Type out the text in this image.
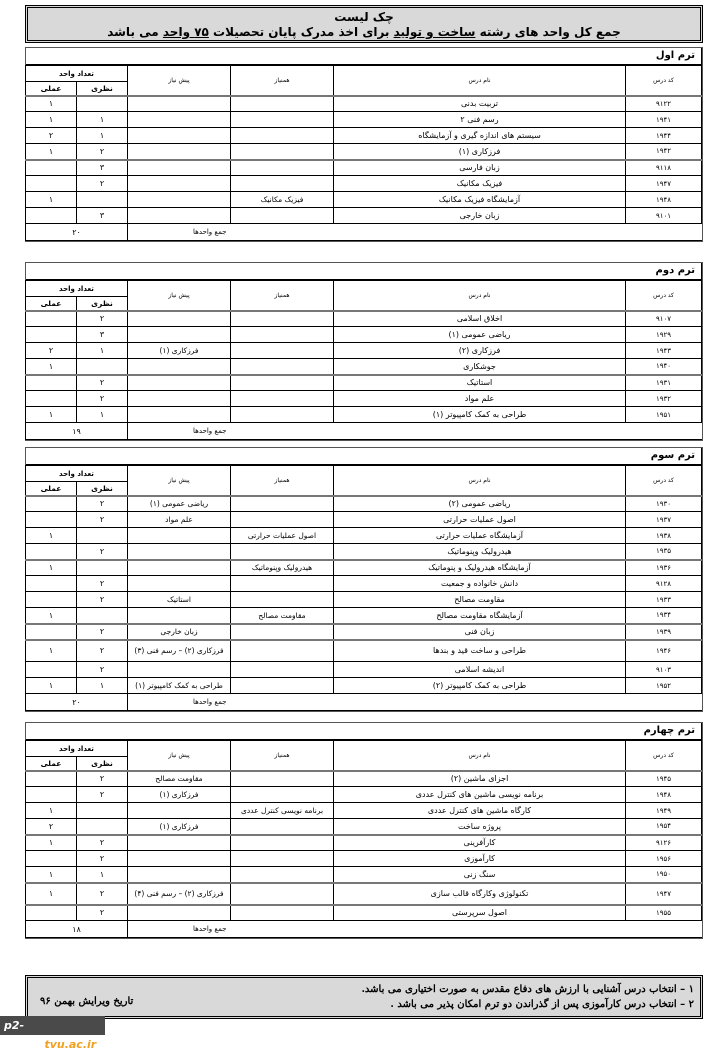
چک لیست
جمع کل واحد های رشته ساخت و تولید برای اخذ مدرک پایان تحصیلات ۷۵ واحد می باشد
ترم اول
کد درس	نام درس	همنیاز	پیش نیاز	تعداد واحد	
				نظری	عملی
۹۱۲۲	تربیت بدنی				۱
۱۹۴۱	رسم فنی ۲			۱	۱
۱۹۴۴	سیستم های اندازه گیری و آزمایشگاه			۱	۲
۱۹۴۲	فرزکاری (۱)			۲	۱
۹۱۱۸	زبان فارسی			۳	
۱۹۴۷	فیزیک مکانیک			۲	
۱۹۴۸	آزمایشگاه فیزیک مکانیک	فیزیک مکانیک			۱
۹۱۰۱	زبان خارجی			۳	
			جمع واحدها	۲۰	
ترم دوم
کد درس	نام درس	همنیاز	پیش نیاز	تعداد واحد	
				نظری	عملی
۹۱۰۷	اخلاق اسلامی			۲	
۱۹۲۹	ریاضی عمومی (۱)			۳	
۱۹۴۳	فرزکاری (۲)		فرزکاری (۱)	۱	۲
۱۹۴۰	جوشکاری				۱
۱۹۳۱	استاتیک			۲	
۱۹۳۲	علم مواد			۲	
۱۹۵۱	طراحی به کمک کامپیوتر (۱)			۱	۱
			جمع واحدها	۱۹	
ترم سوم
کد درس	نام درس	همنیاز	پیش نیاز	تعداد واحد	
				نظری	عملی
۱۹۳۰	ریاضی عمومی (۲)		ریاضی عمومی (۱)	۲	
۱۹۳۷	اصول عملیات حرارتی		علم مواد	۲	
۱۹۳۸	آزمایشگاه عملیات حرارتی	اصول عملیات حرارتی			۱
۱۹۳۵	هیدرولیک وپنوماتیک			۲	
۱۹۳۶	آزمایشگاه هیدرولیک و پنوماتیک	هیدرولیک وپنوماتیک			۱
۹۱۲۸	دانش خانواده و جمعیت			۲	
۱۹۳۳	مقاومت مصالح		استاتیک	۲	
۱۹۳۴	آزمایشگاه مقاومت مصالح	مقاومت مصالح			۱
۱۹۳۹	زبان فنی		زبان خارجی	۲	
۱۹۴۶	طراحی و ساخت قید و بندها		فرزکاری (۲) – رسم فنی (۳)	۲	۱
۹۱۰۳	اندیشه اسلامی			۲	
۱۹۵۲	طراحی به کمک کامپیوتر (۲)		طراحی به کمک کامپیوتر (۱)	۱	۱
			جمع واحدها	۲۰	
ترم چهارم
کد درس	نام درس	همنیاز	پیش نیاز	تعداد واحد	
				نظری	عملی
۱۹۴۵	اجزای ماشین (۲)		مقاومت مصالح	۲	
۱۹۴۸	برنامه نویسی ماشین های کنترل عددی		فرزکاری (۱)	۲	
۱۹۴۹	کارگاه ماشین های کنترل عددی	برنامه نویسی کنترل عددی			۱
۱۹۵۴	پروژه ساخت		فرزکاری (۱)		۲
۹۱۲۶	کارآفرینی			۲	۱
۱۹۵۶	کارآموزی			۲	
۱۹۵۰	سنگ زنی			۱	۱
۱۹۴۷	تکنولوژی وکارگاه قالب سازی		فرزکاری (۲) – رسم فنی (۴)	۲	۱
۱۹۵۵	اصول سرپرستی			۲	
			جمع واحدها	۱۸	
۱ – انتخاب درس آشنایی با ارزش های دفاع مقدس به صورت اختیاری می باشد.
۲ – انتخاب درس کارآموزی پس از گذراندن دو ترم امکان پذیر می باشد .
تاریخ ویرایش بهمن ۹۶
p2-ahvaz.tvu.ac.ir
